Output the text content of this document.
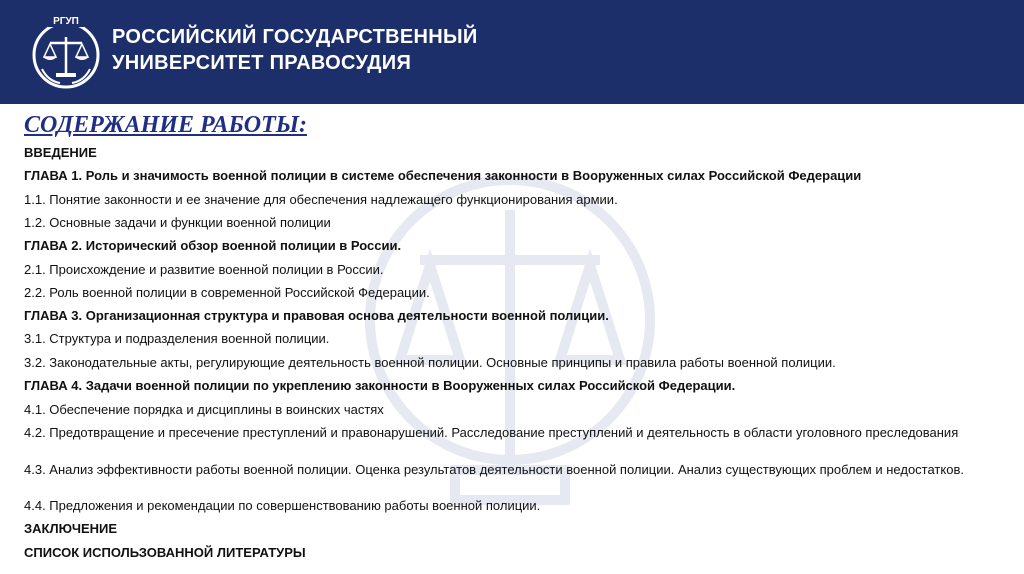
РГУП
РОССИЙСКИЙ ГОСУДАРСТВЕННЫЙ
УНИВЕРСИТЕТ ПРАВОСУДИЯ
СОДЕРЖАНИЕ РАБОТЫ:
ВВЕДЕНИЕ
ГЛАВА 1. Роль и значимость военной полиции в системе обеспечения законности в Вооруженных силах Российской Федерации
1.1. Понятие законности и ее значение для обеспечения надлежащего функционирования армии.
1.2. Основные задачи и функции военной полиции
ГЛАВА 2. Исторический обзор военной полиции в России.
2.1. Происхождение и развитие военной полиции в России.
2.2. Роль военной полиции в современной Российской Федерации.
ГЛАВА 3. Организационная структура и правовая основа деятельности военной полиции.
3.1. Структура и подразделения военной полиции.
3.2. Законодательные акты, регулирующие деятельность военной полиции. Основные принципы и правила работы военной полиции.
ГЛАВА 4. Задачи военной полиции по укреплению законности в Вооруженных силах Российской Федерации.
4.1. Обеспечение порядка и дисциплины в воинских частях
4.2. Предотвращение и пресечение преступлений и правонарушений. Расследование преступлений и деятельность в области уголовного преследования
4.3. Анализ эффективности работы военной полиции. Оценка результатов деятельности военной полиции. Анализ существующих проблем и недостатков.
4.4. Предложения и рекомендации по совершенствованию работы военной полиции.
ЗАКЛЮЧЕНИЕ
СПИСОК ИСПОЛЬЗОВАННОЙ ЛИТЕРАТУРЫ
